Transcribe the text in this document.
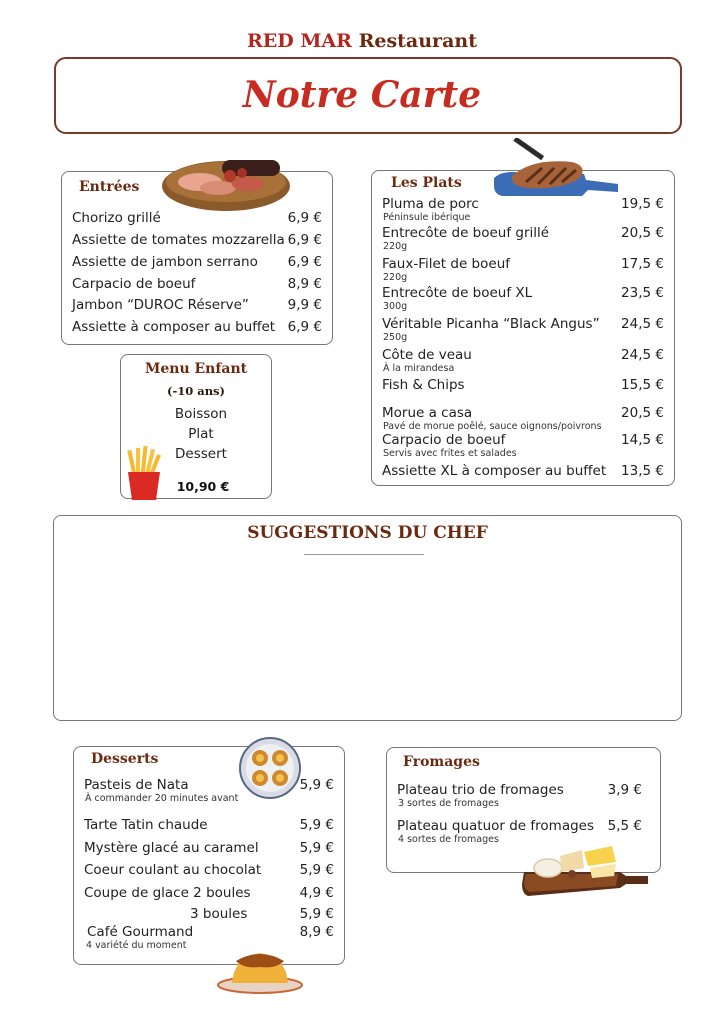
RED MAR Restaurant
Notre Carte
Entrées
Chorizo grillé	6,9 €
Assiette de tomates mozzarella 6,9 €
Assiette de jambon serrano 6,9 €
Carpacio de boeuf	8,9 €
Jambon “DUROC Réserve”	9,9 €
Assiette à composer au buffet 6,9 €
Menu Enfant
(-10 ans)
Boisson
Plat
Dessert
10,90 €
Les Plats
Pluma de porc	19,5 €
Péninsule ibérique
Entrecôte de boeuf grillé	20,5 €
220g
Faux-Filet de boeuf	17,5 €
220g
Entrecôte de boeuf XL	23,5 €
300g
Véritable Picanha “Black Angus” 24,5 €
250g
Côte de veau	24,5 €
À la mirandesa
Fish & Chips	15,5 €
Morue a casa	20,5 €
Pavé de morue poêlé, sauce oignons/poivrons
Carpacio de boeuf	14,5 €
Servis avec frites et salades
Assiette XL à composer au buffet 13,5 €
SUGGESTIONS DU CHEF
Desserts
Pasteis de Nata	5,9 €
À commander 20 minutes avant
Tarte Tatin chaude	5,9 €
Mystère glacé au caramel	5,9 €
Coeur coulant au chocolat	5,9 €
Coupe de glace 2 boules	4,9 €
3 boules	5,9 €
Café Gourmand	8,9 €
4 variété du moment
Fromages
Plateau trio de fromages	3,9 €
3 sortes de fromages
Plateau quatuor de fromages 5,5 €
4 sortes de fromages
